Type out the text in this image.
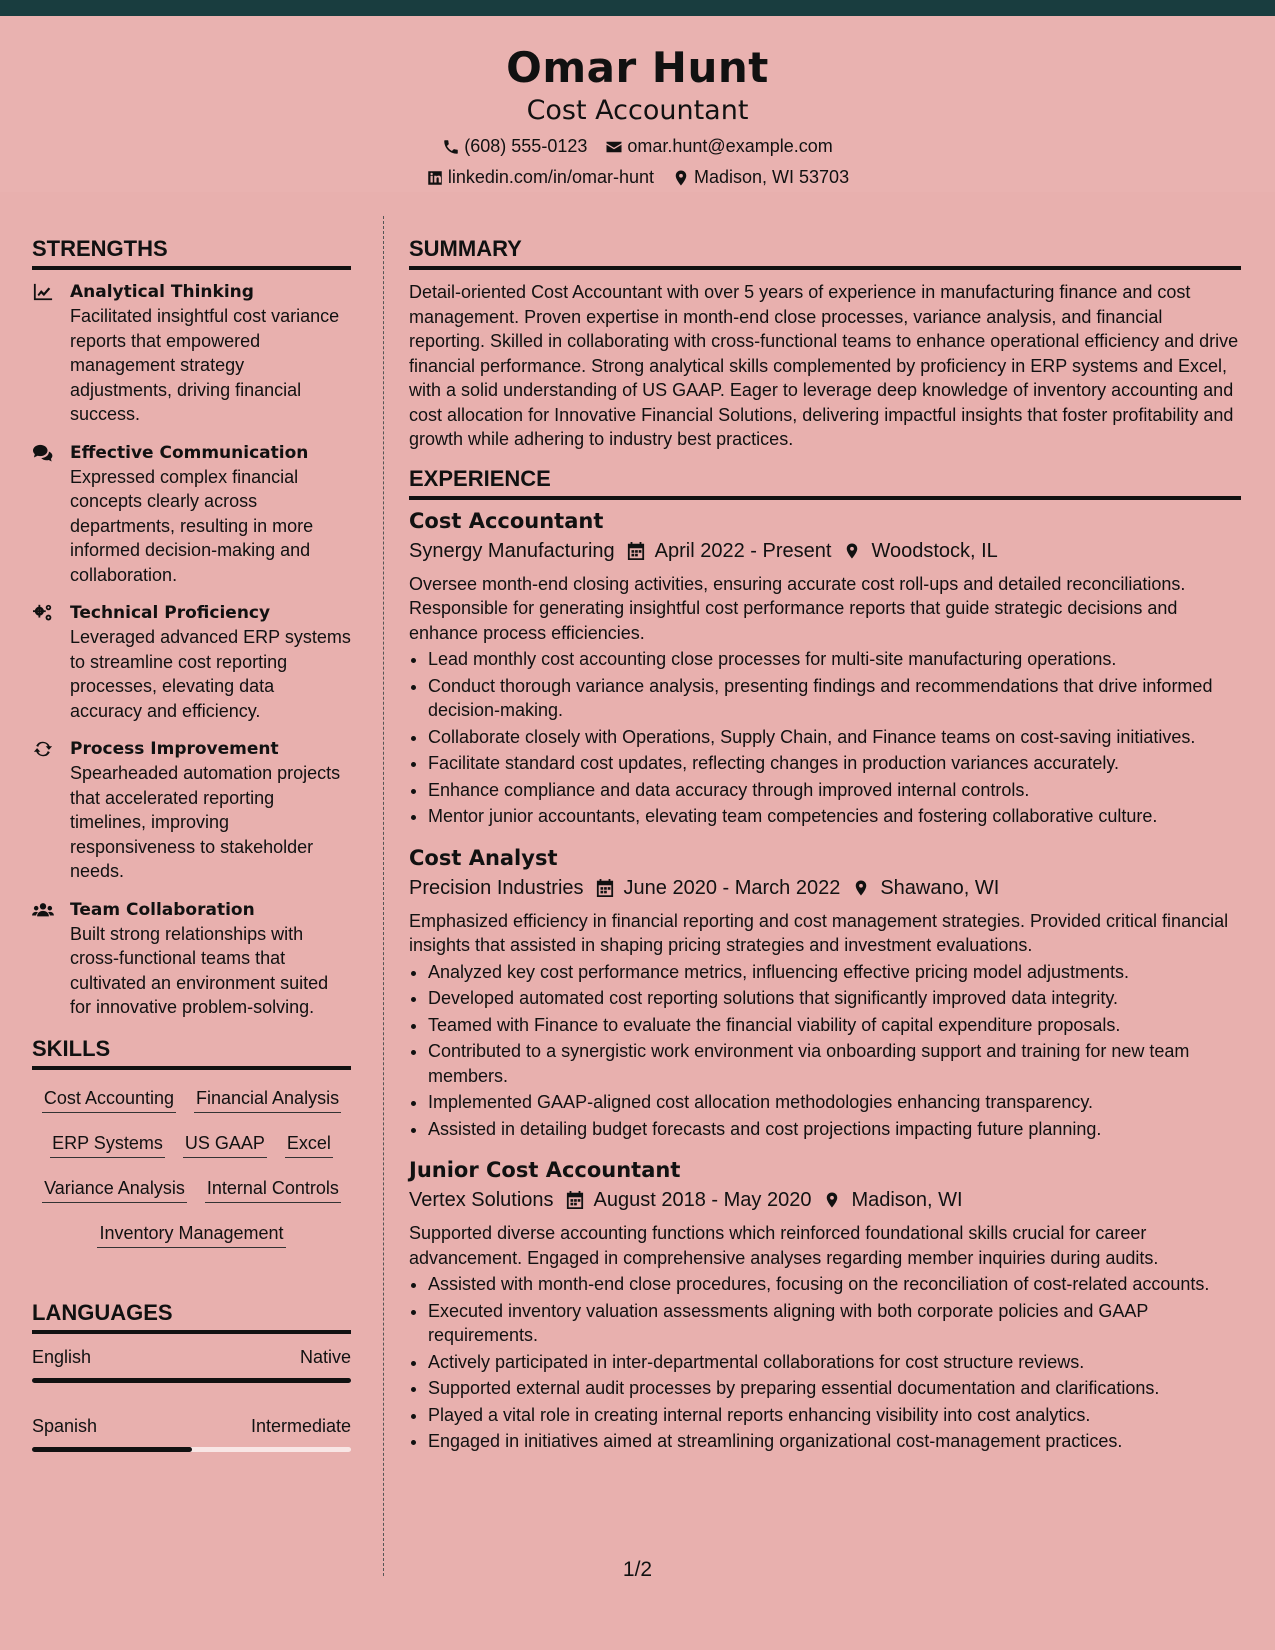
Omar Hunt
Cost Accountant
(608) 555-0123 omar.hunt@example.com
linkedin.com/in/omar-hunt Madison, WI 53703
STRENGTHS
Analytical Thinking
Facilitated insightful cost variance reports that empowered management strategy adjustments, driving financial success.
Effective Communication
Expressed complex financial concepts clearly across departments, resulting in more informed decision-making and collaboration.
Technical Proficiency
Leveraged advanced ERP systems to streamline cost reporting processes, elevating data accuracy and efficiency.
Process Improvement
Spearheaded automation projects that accelerated reporting timelines, improving responsiveness to stakeholder needs.
Team Collaboration
Built strong relationships with cross-functional teams that cultivated an environment suited for innovative problem-solving.
SKILLS
Cost Accounting Financial Analysis
ERP Systems US GAAP Excel
Variance Analysis Internal Controls
Inventory Management
LANGUAGES
English	Native
Spanish	Intermediate
SUMMARY
Detail-oriented Cost Accountant with over 5 years of experience in manufacturing finance and cost management. Proven expertise in month-end close processes, variance analysis, and financial reporting. Skilled in collaborating with cross-functional teams to enhance operational efficiency and drive financial performance. Strong analytical skills complemented by proficiency in ERP systems and Excel, with a solid understanding of US GAAP. Eager to leverage deep knowledge of inventory accounting and cost allocation for Innovative Financial Solutions, delivering impactful insights that foster profitability and growth while adhering to industry best practices.
EXPERIENCE
Cost Accountant
Synergy Manufacturing April 2022 - Present Woodstock, IL
Oversee month-end closing activities, ensuring accurate cost roll-ups and detailed reconciliations. Responsible for generating insightful cost performance reports that guide strategic decisions and enhance process efficiencies.
• Lead monthly cost accounting close processes for multi-site manufacturing operations.
• Conduct thorough variance analysis, presenting findings and recommendations that drive informed decision-making.
• Collaborate closely with Operations, Supply Chain, and Finance teams on cost-saving initiatives.
• Facilitate standard cost updates, reflecting changes in production variances accurately.
• Enhance compliance and data accuracy through improved internal controls.
• Mentor junior accountants, elevating team competencies and fostering collaborative culture.
Cost Analyst
Precision Industries June 2020 - March 2022 Shawano, WI
Emphasized efficiency in financial reporting and cost management strategies. Provided critical financial insights that assisted in shaping pricing strategies and investment evaluations.
• Analyzed key cost performance metrics, influencing effective pricing model adjustments.
• Developed automated cost reporting solutions that significantly improved data integrity.
• Teamed with Finance to evaluate the financial viability of capital expenditure proposals.
• Contributed to a synergistic work environment via onboarding support and training for new team members.
• Implemented GAAP-aligned cost allocation methodologies enhancing transparency.
• Assisted in detailing budget forecasts and cost projections impacting future planning.
Junior Cost Accountant
Vertex Solutions August 2018 - May 2020 Madison, WI
Supported diverse accounting functions which reinforced foundational skills crucial for career advancement. Engaged in comprehensive analyses regarding member inquiries during audits.
• Assisted with month-end close procedures, focusing on the reconciliation of cost-related accounts.
• Executed inventory valuation assessments aligning with both corporate policies and GAAP requirements.
• Actively participated in inter-departmental collaborations for cost structure reviews.
• Supported external audit processes by preparing essential documentation and clarifications.
• Played a vital role in creating internal reports enhancing visibility into cost analytics.
• Engaged in initiatives aimed at streamlining organizational cost-management practices.
1/2
